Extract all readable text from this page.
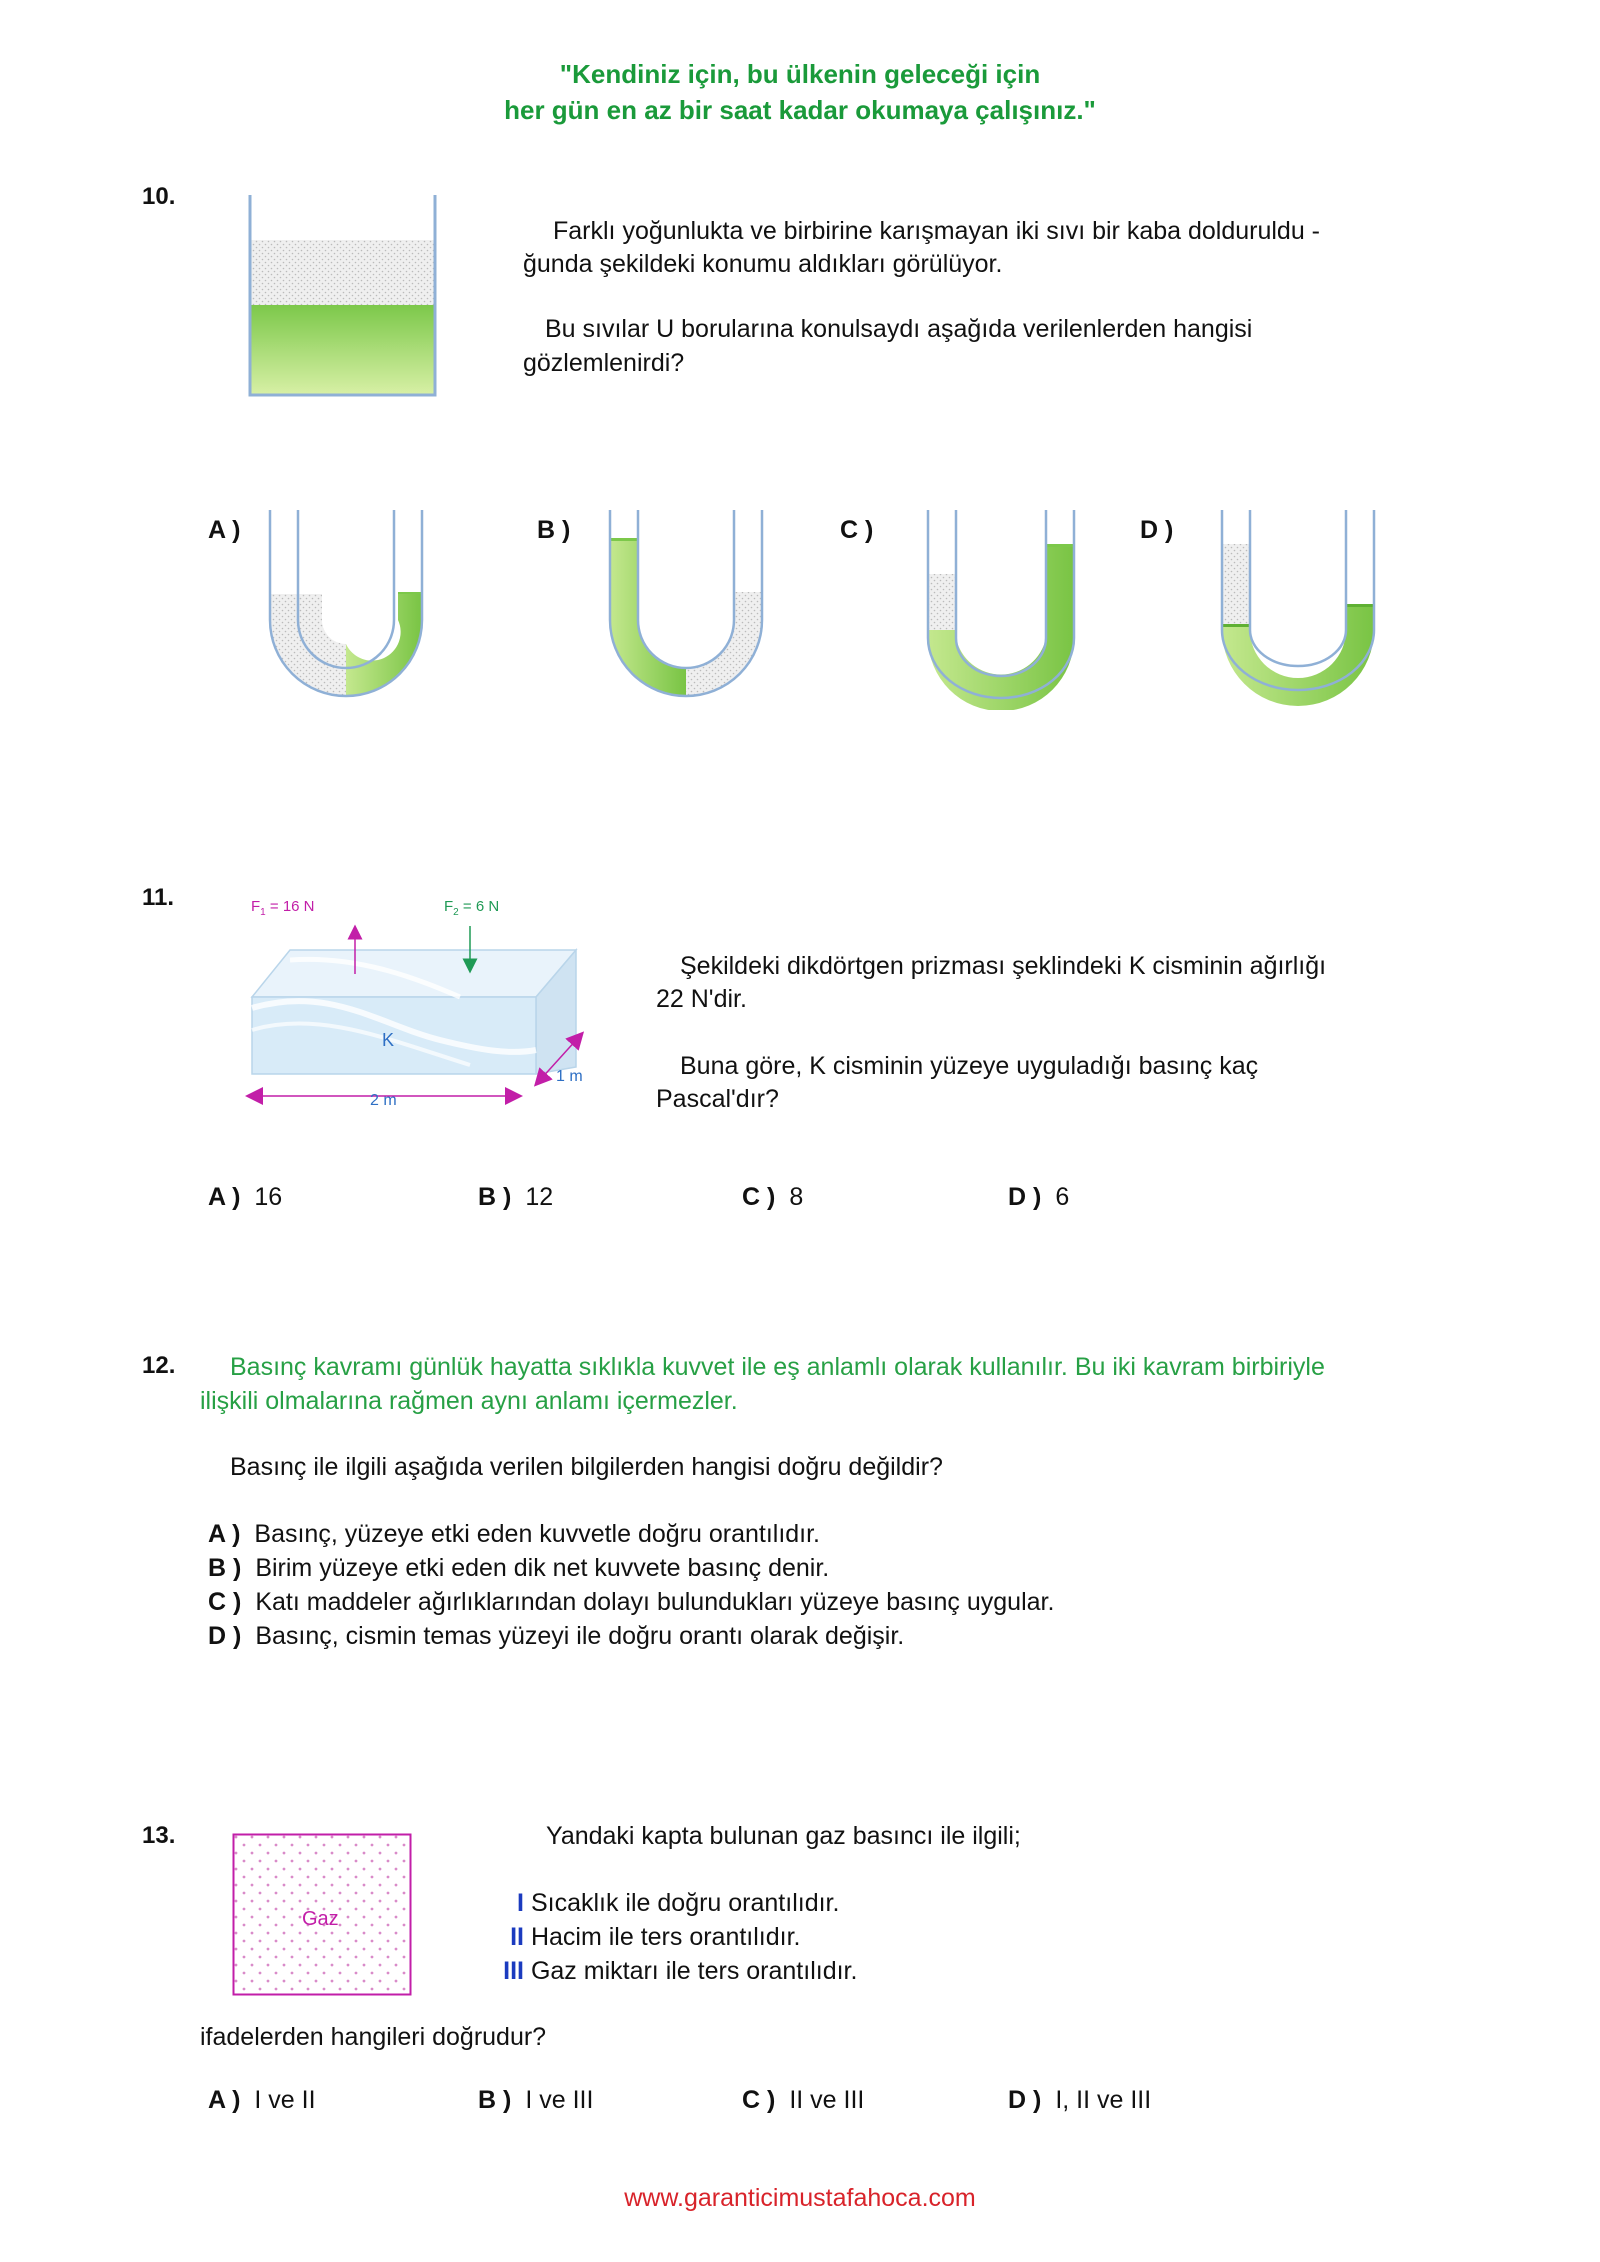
"Kendiniz için, bu ülkenin geleceği için
her gün en az bir saat kadar okumaya çalışınız."
10.
Farklı yoğunlukta ve birbirine karışmayan iki sıvı bir kaba dolduruldu -
ğunda şekildeki konumu aldıkları görülüyor.
Bu sıvılar U borularına konulsaydı aşağıda verilenlerden hangisi
gözlemlenirdi?
A )	B )	C )	D )
11.	$F_1 = 16$ N	$F_2 = 6$ N
K
2 m
1 m
Şekildeki dikdörtgen prizması şeklindeki K cisminin ağırlığı
22 N'dir.
Buna göre, K cisminin yüzeye uyguladığı basınç kaç
Pascal'dır?
A ) 16	B ) 12	C ) 8	D ) 6
12. Basınç kavramı günlük hayatta sıklıkla kuvvet ile eş anlamlı olarak kullanılır. Bu iki kavram birbiriyle
ilişkili olmalarına rağmen aynı anlamı içermezler.
Basınç ile ilgili aşağıda verilen bilgilerden hangisi doğru değildir?
A ) Basınç, yüzeye etki eden kuvvetle doğru orantılıdır.
B ) Birim yüzeye etki eden dik net kuvvete basınç denir.
C ) Katı maddeler ağırlıklarından dolayı bulundukları yüzeye basınç uygular.
D ) Basınç, cismin temas yüzeyi ile doğru orantı olarak değişir.
13.
Gaz
Yandaki kapta bulunan gaz basıncı ile ilgili;
I Sıcaklık ile doğru orantılıdır.
II Hacim ile ters orantılıdır.
III Gaz miktarı ile ters orantılıdır.
ifadelerden hangileri doğrudur?
A ) I ve II	B ) I ve III	C ) II ve III	D ) I, II ve III
www.garanticimustafahoca.com
